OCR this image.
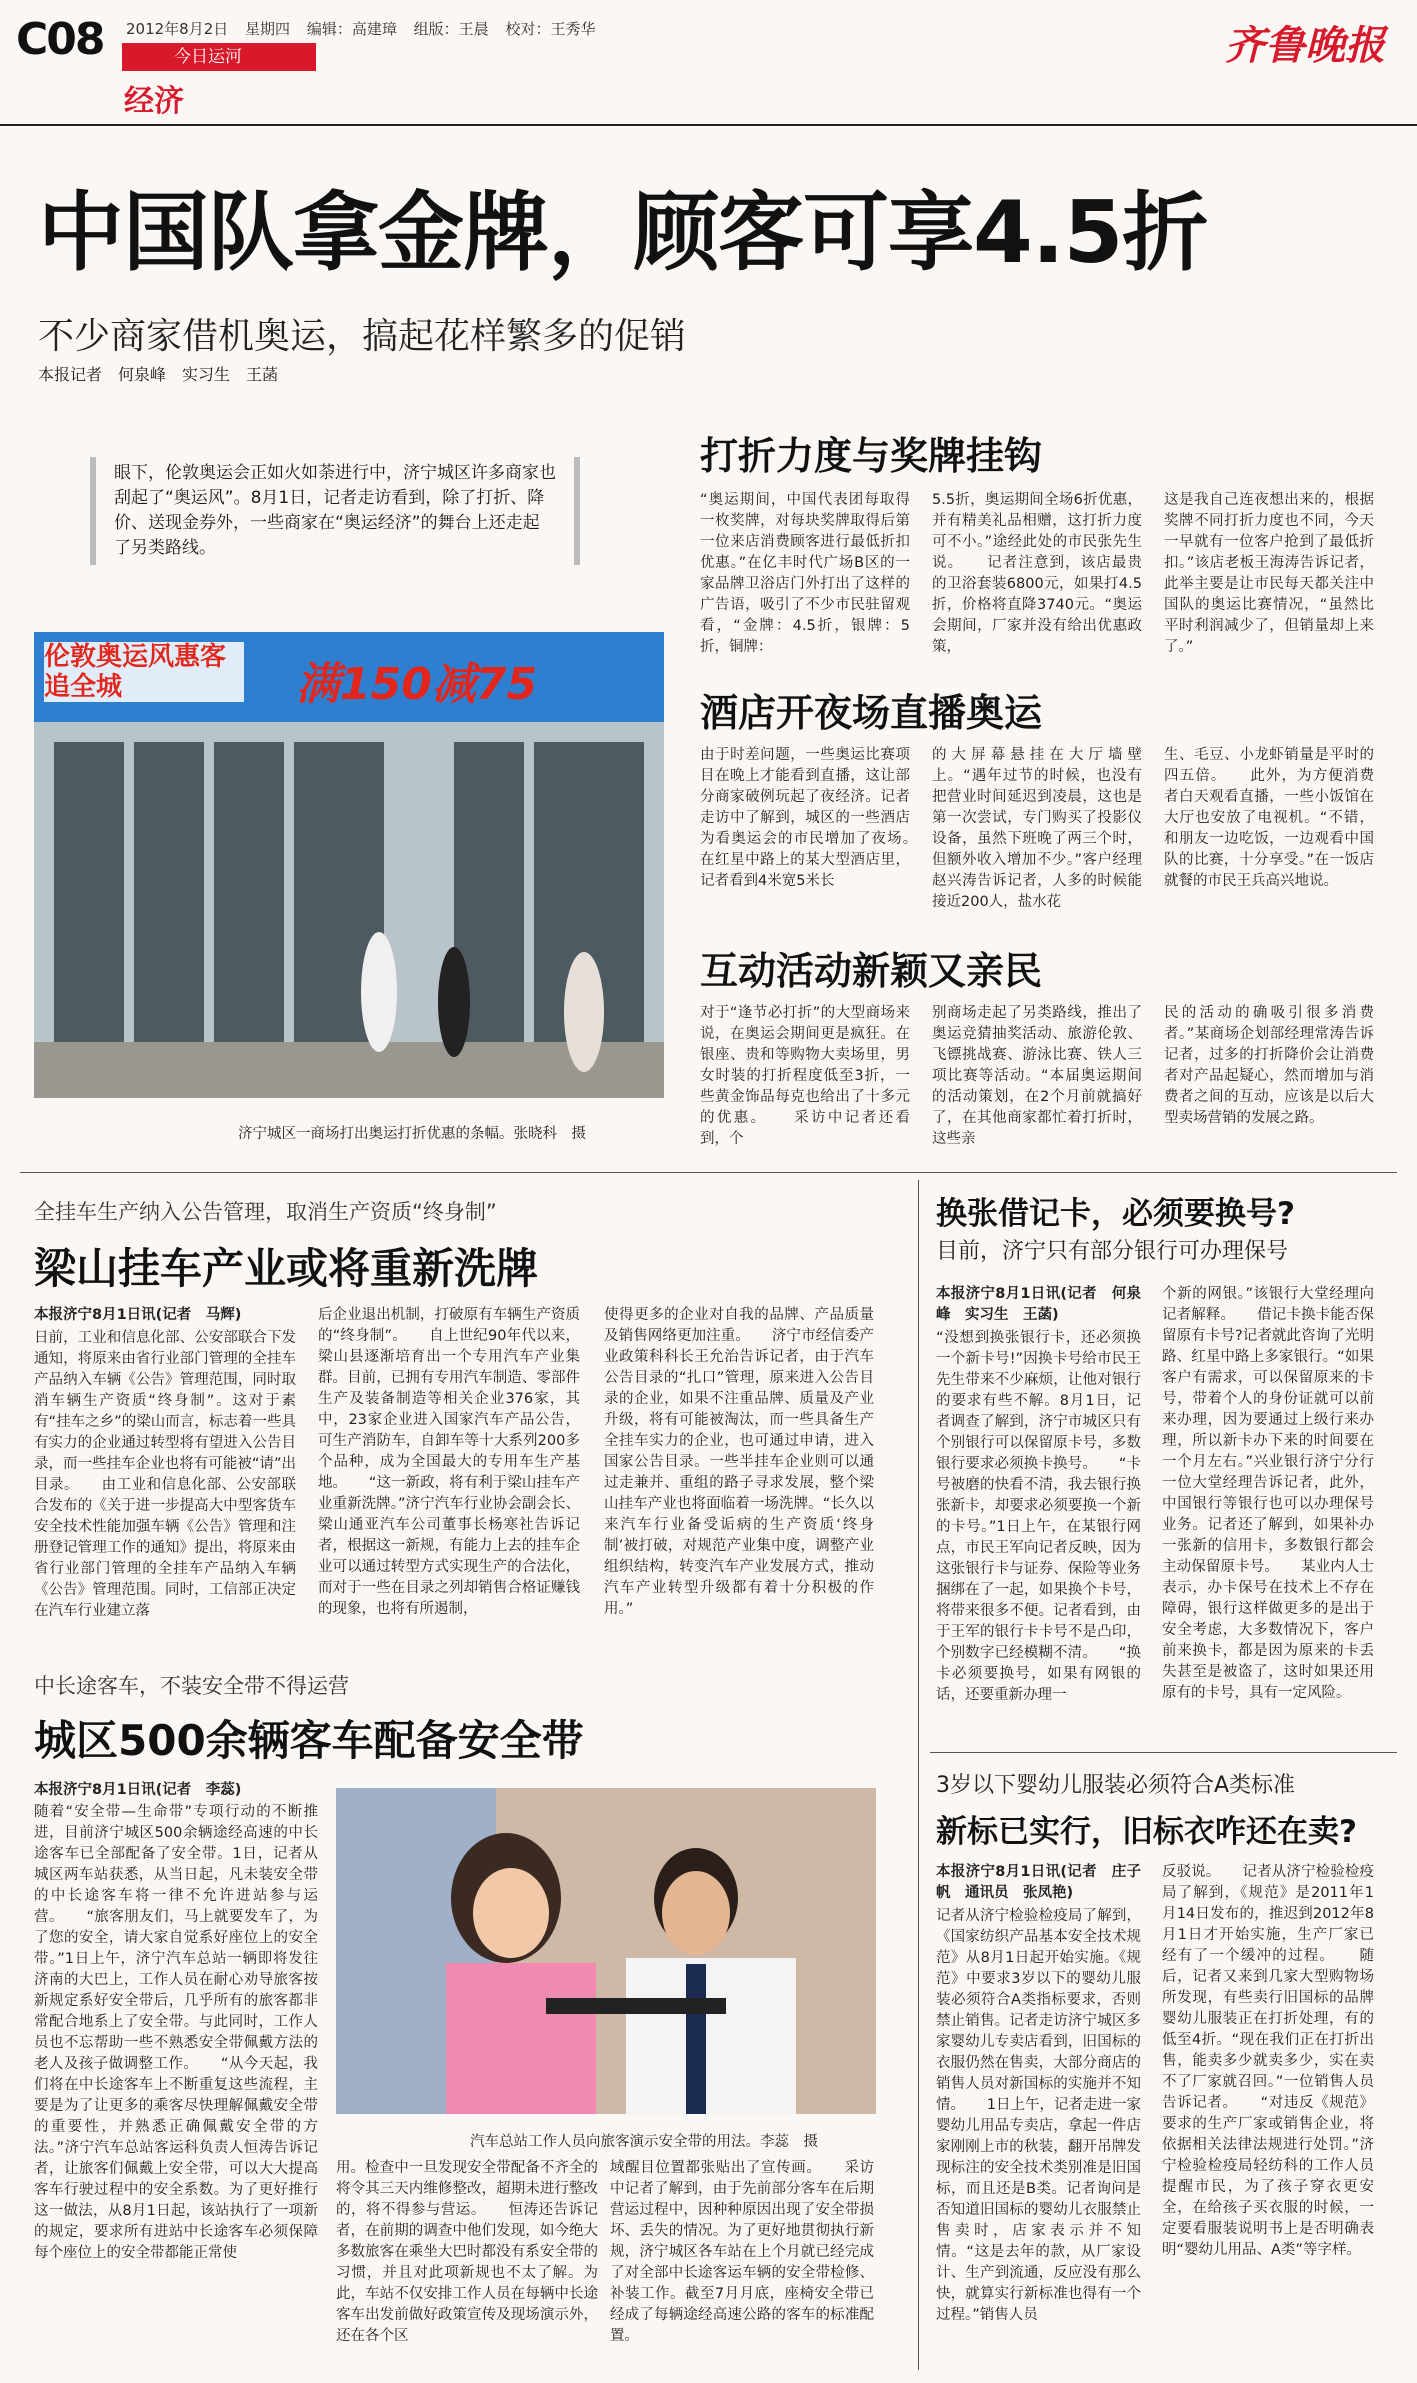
C08 2012年8月2日 星期四 编辑：高建璋 组版：王晨 校对：王秀华
今日运河
经济
齐鲁晚报
中国队拿金牌，顾客可享4.5折
不少商家借机奥运，搞起花样繁多的促销
本报记者　何泉峰　实习生　王菡
眼下，伦敦奥运会正如火如荼进行中，济宁城区许多商家也刮起了“奥运风”。8月1日，记者走访看到，除了打折、降价、送现金券外，一些商家在“奥运经济”的舞台上还走起了另类路线。
伦敦奥运风惠客追全城	满150减75
济宁城区一商场打出奥运打折优惠的条幅。张晓科　摄
打折力度与奖牌挂钩
“奥运期间，中国代表团每取得一枚奖牌，对每块奖牌取得后第一位来店消费顾客进行最低折扣优惠。”在亿丰时代广场B区的一家品牌卫浴店门外打出了这样的广告语，吸引了不少市民驻留观看，“金牌：4.5折，银牌：5折，铜牌：
5.5折，奥运期间全场6折优惠，并有精美礼品相赠，这打折力度可不小。”途经此处的市民张先生说。　　记者注意到，该店最贵的卫浴套装6800元，如果打4.5折，价格将直降3740元。“奥运会期间，厂家并没有给出优惠政策，
这是我自己连夜想出来的，根据奖牌不同打折力度也不同，今天一早就有一位客户抢到了最低折扣。”该店老板王海涛告诉记者，此举主要是让市民每天都关注中国队的奥运比赛情况，“虽然比平时利润减少了，但销量却上来了。”
酒店开夜场直播奥运
由于时差问题，一些奥运比赛项目在晚上才能看到直播，这让部分商家破例玩起了夜经济。记者走访中了解到，城区的一些酒店为看奥运会的市民增加了夜场。　　在红星中路上的某大型酒店里，记者看到4米宽5米长
的大屏幕悬挂在大厅墙壁上。“遇年过节的时候，也没有把营业时间延迟到凌晨，这也是第一次尝试，专门购买了投影仪设备，虽然下班晚了两三个时，但额外收入增加不少。”客户经理赵兴涛告诉记者，人多的时候能接近200人，盐水花
生、毛豆、小龙虾销量是平时的四五倍。　　此外，为方便消费者白天观看直播，一些小饭馆在大厅也安放了电视机。“不错，和朋友一边吃饭，一边观看中国队的比赛，十分享受。”在一饭店就餐的市民王兵高兴地说。
互动活动新颖又亲民
对于“逢节必打折”的大型商场来说，在奥运会期间更是疯狂。在银座、贵和等购物大卖场里，男女时装的打折程度低至3折，一些黄金饰品每克也给出了十多元的优惠。　　采访中记者还看到，个
别商场走起了另类路线，推出了奥运竞猜抽奖活动、旅游伦敦、飞镖挑战赛、游泳比赛、铁人三项比赛等活动。“本届奥运期间的活动策划，在2个月前就搞好了，在其他商家都忙着打折时，这些亲
民的活动的确吸引很多消费者。”某商场企划部经理常涛告诉记者，过多的打折降价会让消费者对产品起疑心，然而增加与消费者之间的互动，应该是以后大型卖场营销的发展之路。
全挂车生产纳入公告管理，取消生产资质“终身制”
梁山挂车产业或将重新洗牌
本报济宁8月1日讯(记者　马辉)
日前，工业和信息化部、公安部联合下发通知，将原来由省行业部门管理的全挂车产品纳入车辆《公告》管理范围，同时取消车辆生产资质“终身制”。这对于素有“挂车之乡”的梁山而言，标志着一些具有实力的企业通过转型将有望进入公告目录，而一些挂车企业也将有可能被“请”出目录。　　由工业和信息化部、公安部联合发布的《关于进一步提高大中型客货车安全技术性能加强车辆《公告》管理和注册登记管理工作的通知》提出，将原来由省行业部门管理的全挂车产品纳入车辆《公告》管理范围。同时，工信部正决定在汽车行业建立落
后企业退出机制，打破原有车辆生产资质的“终身制”。　　自上世纪90年代以来，梁山县逐渐培育出一个专用汽车产业集群。目前，已拥有专用汽车制造、零部件生产及装备制造等相关企业376家，其中，23家企业进入国家汽车产品公告，可生产消防车，自卸车等十大系列200多个品种，成为全国最大的专用车生产基地。　　“这一新政，将有利于梁山挂车产业重新洗牌。”济宁汽车行业协会副会长、梁山通亚汽车公司董事长杨寒社告诉记者，根据这一新规，有能力上去的挂车企业可以通过转型方式实现生产的合法化，而对于一些在目录之列却销售合格证赚钱的现象，也将有所遏制，
使得更多的企业对自我的品牌、产品质量及销售网络更加注重。　　济宁市经信委产业政策科科长王允治告诉记者，由于汽车公告目录的“扎口”管理，原来进入公告目录的企业，如果不注重品牌、质量及产业升级，将有可能被淘汰，而一些具备生产全挂车实力的企业，也可通过申请，进入国家公告目录。一些半挂车企业则可以通过走兼并、重组的路子寻求发展，整个梁山挂车产业也将面临着一场洗牌。“长久以来汽车行业备受诟病的生产资质‘终身制’被打破，对规范产业集中度，调整产业组织结构，转变汽车产业发展方式，推动汽车产业转型升级都有着十分积极的作用。”
中长途客车，不装安全带不得运营
城区500余辆客车配备安全带
本报济宁8月1日讯(记者　李蕊)
随着“安全带—生命带”专项行动的不断推进，目前济宁城区500余辆途经高速的中长途客车已全部配备了安全带。1日，记者从城区两车站获悉，从当日起，凡未装安全带的中长途客车将一律不允许进站参与运营。　　“旅客朋友们，马上就要发车了，为了您的安全，请大家自觉系好座位上的安全带。”1日上午，济宁汽车总站一辆即将发往济南的大巴上，工作人员在耐心劝导旅客按新规定系好安全带后，几乎所有的旅客都非常配合地系上了安全带。与此同时，工作人员也不忘帮助一些不熟悉安全带佩戴方法的老人及孩子做调整工作。　　“从今天起，我们将在中长途客车上不断重复这些流程，主要是为了让更多的乘客尽快理解佩戴安全带的重要性，并熟悉正确佩戴安全带的方法。”济宁汽车总站客运科负责人恒涛告诉记者，让旅客们佩戴上安全带，可以大大提高客车行驶过程中的安全系数。为了更好推行这一做法，从8月1日起，该站执行了一项新的规定，要求所有进站中长途客车必须保障每个座位上的安全带都能正常使
汽车总站工作人员向旅客演示安全带的用法。李蕊　摄
用。检查中一旦发现安全带配备不齐全的将令其三天内维修整改，超期未进行整改的，将不得参与营运。　　恒涛还告诉记者，在前期的调查中他们发现，如今绝大多数旅客在乘坐大巴时都没有系安全带的习惯，并且对此项新规也不太了解。为此，车站不仅安排工作人员在每辆中长途客车出发前做好政策宣传及现场演示外，还在各个区
域醒目位置都张贴出了宣传画。　　采访中记者了解到，由于先前部分客车在后期营运过程中，因种种原因出现了安全带损坏、丢失的情况。为了更好地贯彻执行新规，济宁城区各车站在上个月就已经完成了对全部中长途客运车辆的安全带检修、补装工作。截至7月月底，座椅安全带已经成了每辆途经高速公路的客车的标准配置。
换张借记卡，必须要换号?
目前，济宁只有部分银行可办理保号
本报济宁8月1日讯(记者　何泉峰　实习生　王菡)
“没想到换张银行卡，还必须换一个新卡号!”因换卡号给市民王先生带来不少麻烦，让他对银行的要求有些不解。8月1日，记者调查了解到，济宁市城区只有个别银行可以保留原卡号，多数银行要求必须换卡换号。　　“卡号被磨的快看不清，我去银行换张新卡，却要求必须要换一个新的卡号。”1日上午，在某银行网点，市民王军向记者反映，因为这张银行卡与证券、保险等业务捆绑在了一起，如果换个卡号，将带来很多不便。记者看到，由于王军的银行卡卡号不是凸印，个别数字已经模糊不清。　　“换卡必须要换号，如果有网银的话，还要重新办理一
个新的网银。”该银行大堂经理向记者解释。　　借记卡换卡能否保留原有卡号?记者就此咨询了光明路、红星中路上多家银行。“如果客户有需求，可以保留原来的卡号，带着个人的身份证就可以前来办理，因为要通过上级行来办理，所以新卡办下来的时间要在一个月左右。”兴业银行济宁分行一位大堂经理告诉记者，此外，中国银行等银行也可以办理保号业务。记者还了解到，如果补办一张新的信用卡，多数银行都会主动保留原卡号。　　某业内人士表示，办卡保号在技术上不存在障碍，银行这样做更多的是出于安全考虑，大多数情况下，客户前来换卡，都是因为原来的卡丢失甚至是被盗了，这时如果还用原有的卡号，具有一定风险。
3岁以下婴幼儿服装必须符合A类标准
新标已实行，旧标衣咋还在卖?
本报济宁8月1日讯(记者　庄子帆　通讯员　张凤艳)
记者从济宁检验检疫局了解到，《国家纺织产品基本安全技术规范》从8月1日起开始实施。《规范》中要求3岁以下的婴幼儿服装必须符合A类指标要求，否则禁止销售。记者走访济宁城区多家婴幼儿专卖店看到，旧国标的衣服仍然在售卖，大部分商店的销售人员对新国标的实施并不知情。　　1日上午，记者走进一家婴幼儿用品专卖店，拿起一件店家刚刚上市的秋装，翻开吊牌发现标注的安全技术类别准是旧国标，而且还是B类。记者询问是否知道旧国标的婴幼儿衣服禁止售卖时，店家表示并不知情。“这是去年的款，从厂家设计、生产到流通，反应没有那么快，就算实行新标准也得有一个过程。”销售人员
反驳说。　　记者从济宁检验检疫局了解到，《规范》是2011年1月14日发布的，推迟到2012年8月1日才开始实施，生产厂家已经有了一个缓冲的过程。　　随后，记者又来到几家大型购物场所发现，有些卖行旧国标的品牌婴幼儿服装正在打折处理，有的低至4折。“现在我们正在打折出售，能卖多少就卖多少，实在卖不了厂家就召回。”一位销售人员告诉记者。　　“对违反《规范》要求的生产厂家或销售企业，将依据相关法律法规进行处罚。”济宁检验检疫局轻纺科的工作人员提醒市民，为了孩子穿衣更安全，在给孩子买衣服的时候，一定要看服装说明书上是否明确表明“婴幼儿用品、A类”等字样。
